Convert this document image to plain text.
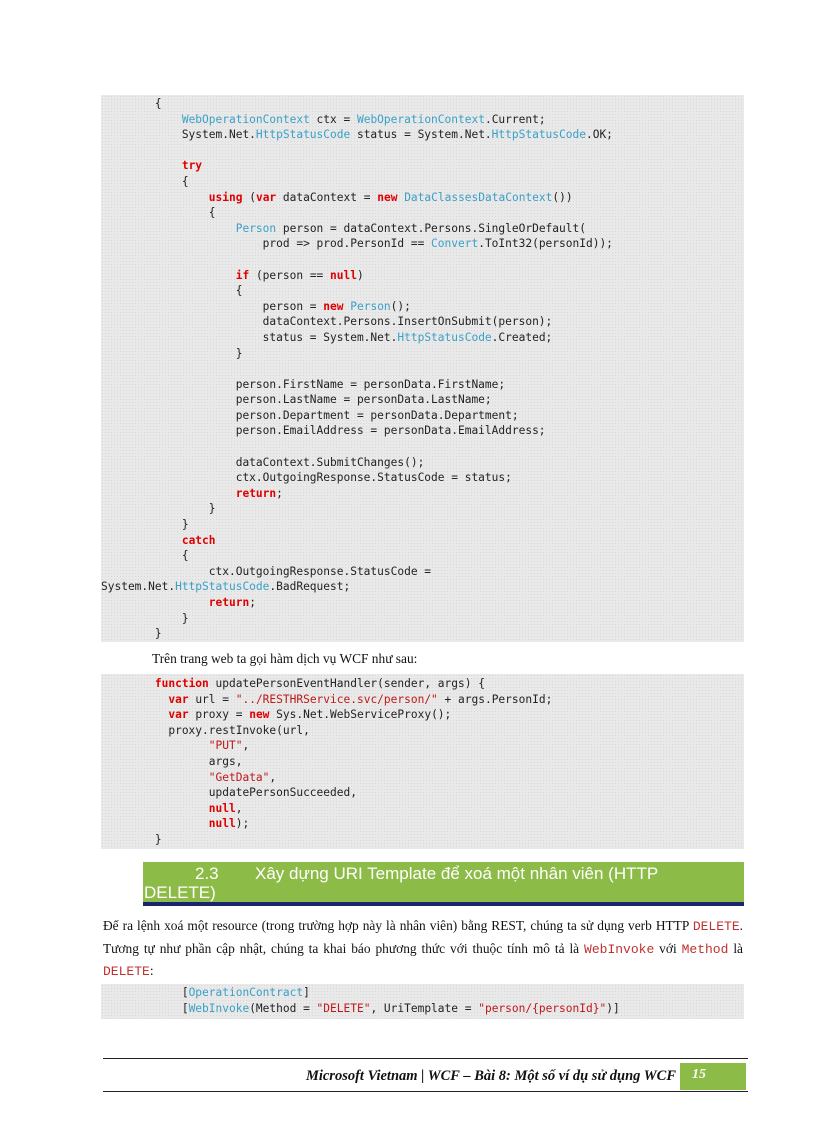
{
WebOperationContext ctx = WebOperationContext.Current;
System.Net.HttpStatusCode status = System.Net.HttpStatusCode.OK;
try
{
using (var dataContext = new DataClassesDataContext())
{
Person person = dataContext.Persons.SingleOrDefault(
prod => prod.PersonId == Convert.ToInt32(personId));
if (person == null)
{
person = new Person();
dataContext.Persons.InsertOnSubmit(person);
status = System.Net.HttpStatusCode.Created;
}
person.FirstName = personData.FirstName;
person.LastName = personData.LastName;
person.Department = personData.Department;
person.EmailAddress = personData.EmailAddress;
dataContext.SubmitChanges();
ctx.OutgoingResponse.StatusCode = status;
return;
}
}
catch
{
ctx.OutgoingResponse.StatusCode =
System.Net.HttpStatusCode.BadRequest;
return;
}
}

Trên trang web ta gọi hàm dịch vụ WCF như sau:

function updatePersonEventHandler(sender, args) {
var url = "../RESTHRService.svc/person/" + args.PersonId;
var proxy = new Sys.Net.WebServiceProxy();
proxy.restInvoke(url,
"PUT",
args,
"GetData",
updatePersonSucceeded,
null,
null);
}
2.3 Xây dựng URI Template để xoá một nhân viên (HTTP
DELETE)

Để ra lệnh xoá một resource (trong trường hợp này là nhân viên) bằng REST, chúng ta sử dụng verb HTTP DELETE. Tương tự như phần cập nhật, chúng ta khai báo phương thức với thuộc tính mô tả là WebInvoke với Method là DELETE:

[OperationContract]
[WebInvoke(Method = "DELETE", UriTemplate = "person/{personId}")]
Microsoft Vietnam | WCF – Bài 8: Một số ví dụ sử dụng WCF	15
